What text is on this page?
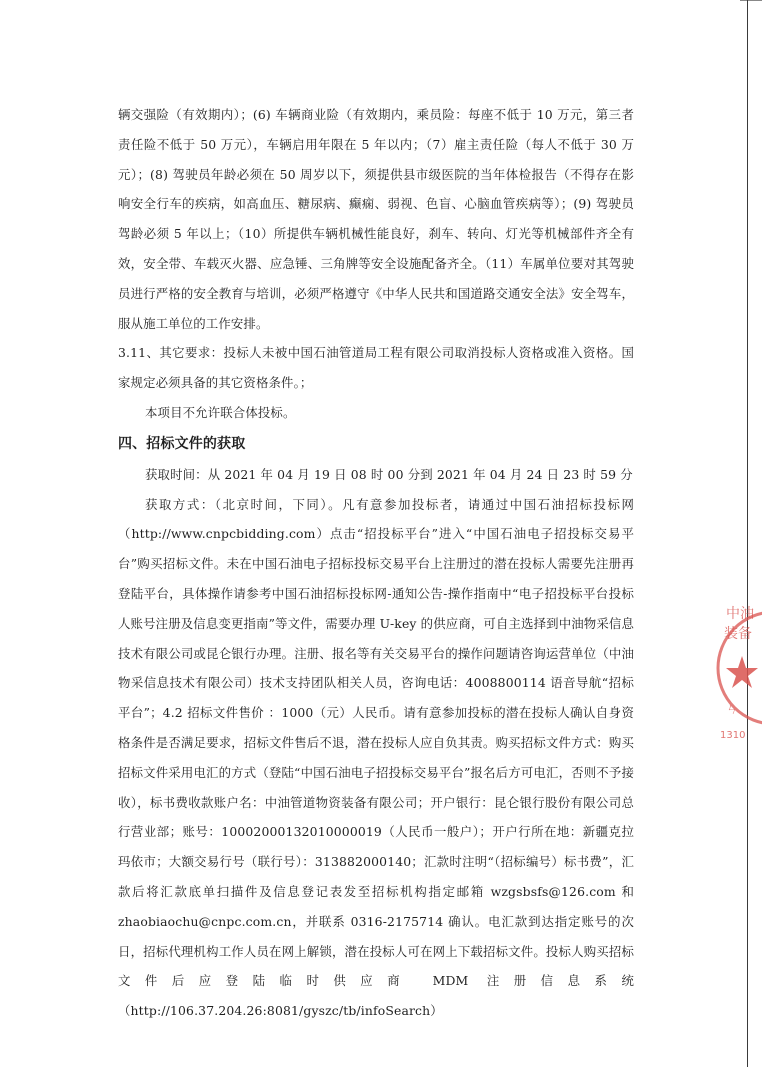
辆交强险（有效期内）；(6) 车辆商业险（有效期内，乘员险：每座不低于 10 万元，第三者责任险不低于 50 万元），车辆启用年限在 5 年以内；（7）雇主责任险（每人不低于 30 万元）；(8) 驾驶员年龄必须在 50 周岁以下，须提供县市级医院的当年体检报告（不得存在影响安全行车的疾病，如高血压、糖尿病、癫痫、弱视、色盲、心脑血管疾病等）；(9) 驾驶员驾龄必须 5 年以上；（10）所提供车辆机械性能良好，刹车、转向、灯光等机械部件齐全有效，安全带、车载灭火器、应急锤、三角牌等安全设施配备齐全。（11）车属单位要对其驾驶员进行严格的安全教育与培训，必须严格遵守《中华人民共和国道路交通安全法》安全驾车，服从施工单位的工作安排。

3.11、其它要求：投标人未被中国石油管道局工程有限公司取消投标人资格或准入资格。国家规定必须具备的其它资格条件。；

本项目不允许联合体投标。

四、招标文件的获取

获取时间：从 2021 年 04 月 19 日 08 时 00 分到 2021 年 04 月 24 日 23 时 59 分

获取方式：（北京时间，下同）。凡有意参加投标者，请通过中国石油招标投标网（http://www.cnpcbidding.com）点击“招投标平台”进入“中国石油电子招投标交易平台”购买招标文件。未在中国石油电子招标投标交易平台上注册过的潜在投标人需要先注册再登陆平台，具体操作请参考中国石油招标投标网-通知公告-操作指南中“电子招投标平台投标人账号注册及信息变更指南”等文件，需要办理 U-key 的供应商，可自主选择到中油物采信息技术有限公司或昆仑银行办理。注册、报名等有关交易平台的操作问题请咨询运营单位（中油物采信息技术有限公司）技术支持团队相关人员，咨询电话：4008800114 语音导航“招标平台”；4.2 招标文件售价 ：1000（元）人民币。请有意参加投标的潜在投标人确认自身资格条件是否满足要求，招标文件售后不退，潜在投标人应自负其责。购买招标文件方式：购买招标文件采用电汇的方式（登陆“中国石油电子招投标交易平台”报名后方可电汇，否则不予接收），标书费收款账户名：中油管道物资装备有限公司；开户银行：昆仑银行股份有限公司总行营业部；账号：10002000132010000019（人民币一般户）；开户行所在地：新疆克拉玛依市；大额交易行号（联行号）：313882000140；汇款时注明“（招标编号）标书费”，汇款后将汇款底单扫描件及信息登记表发至招标机构指定邮箱 wzgsbsfs@126.com 和 zhaobiaochu@cnpc.com.cn，并联系 0316-2175714 确认。电汇款到达指定账号的次日，招标代理机构工作人员在网上解锁，潜在投标人可在网上下载招标文件。投标人购买招标文件后应登陆临时供应商 MDM 注册信息系统（http://106.37.204.26:8081/gyszc/tb/infoSearch）

中油
装备
ㄣ
1310
